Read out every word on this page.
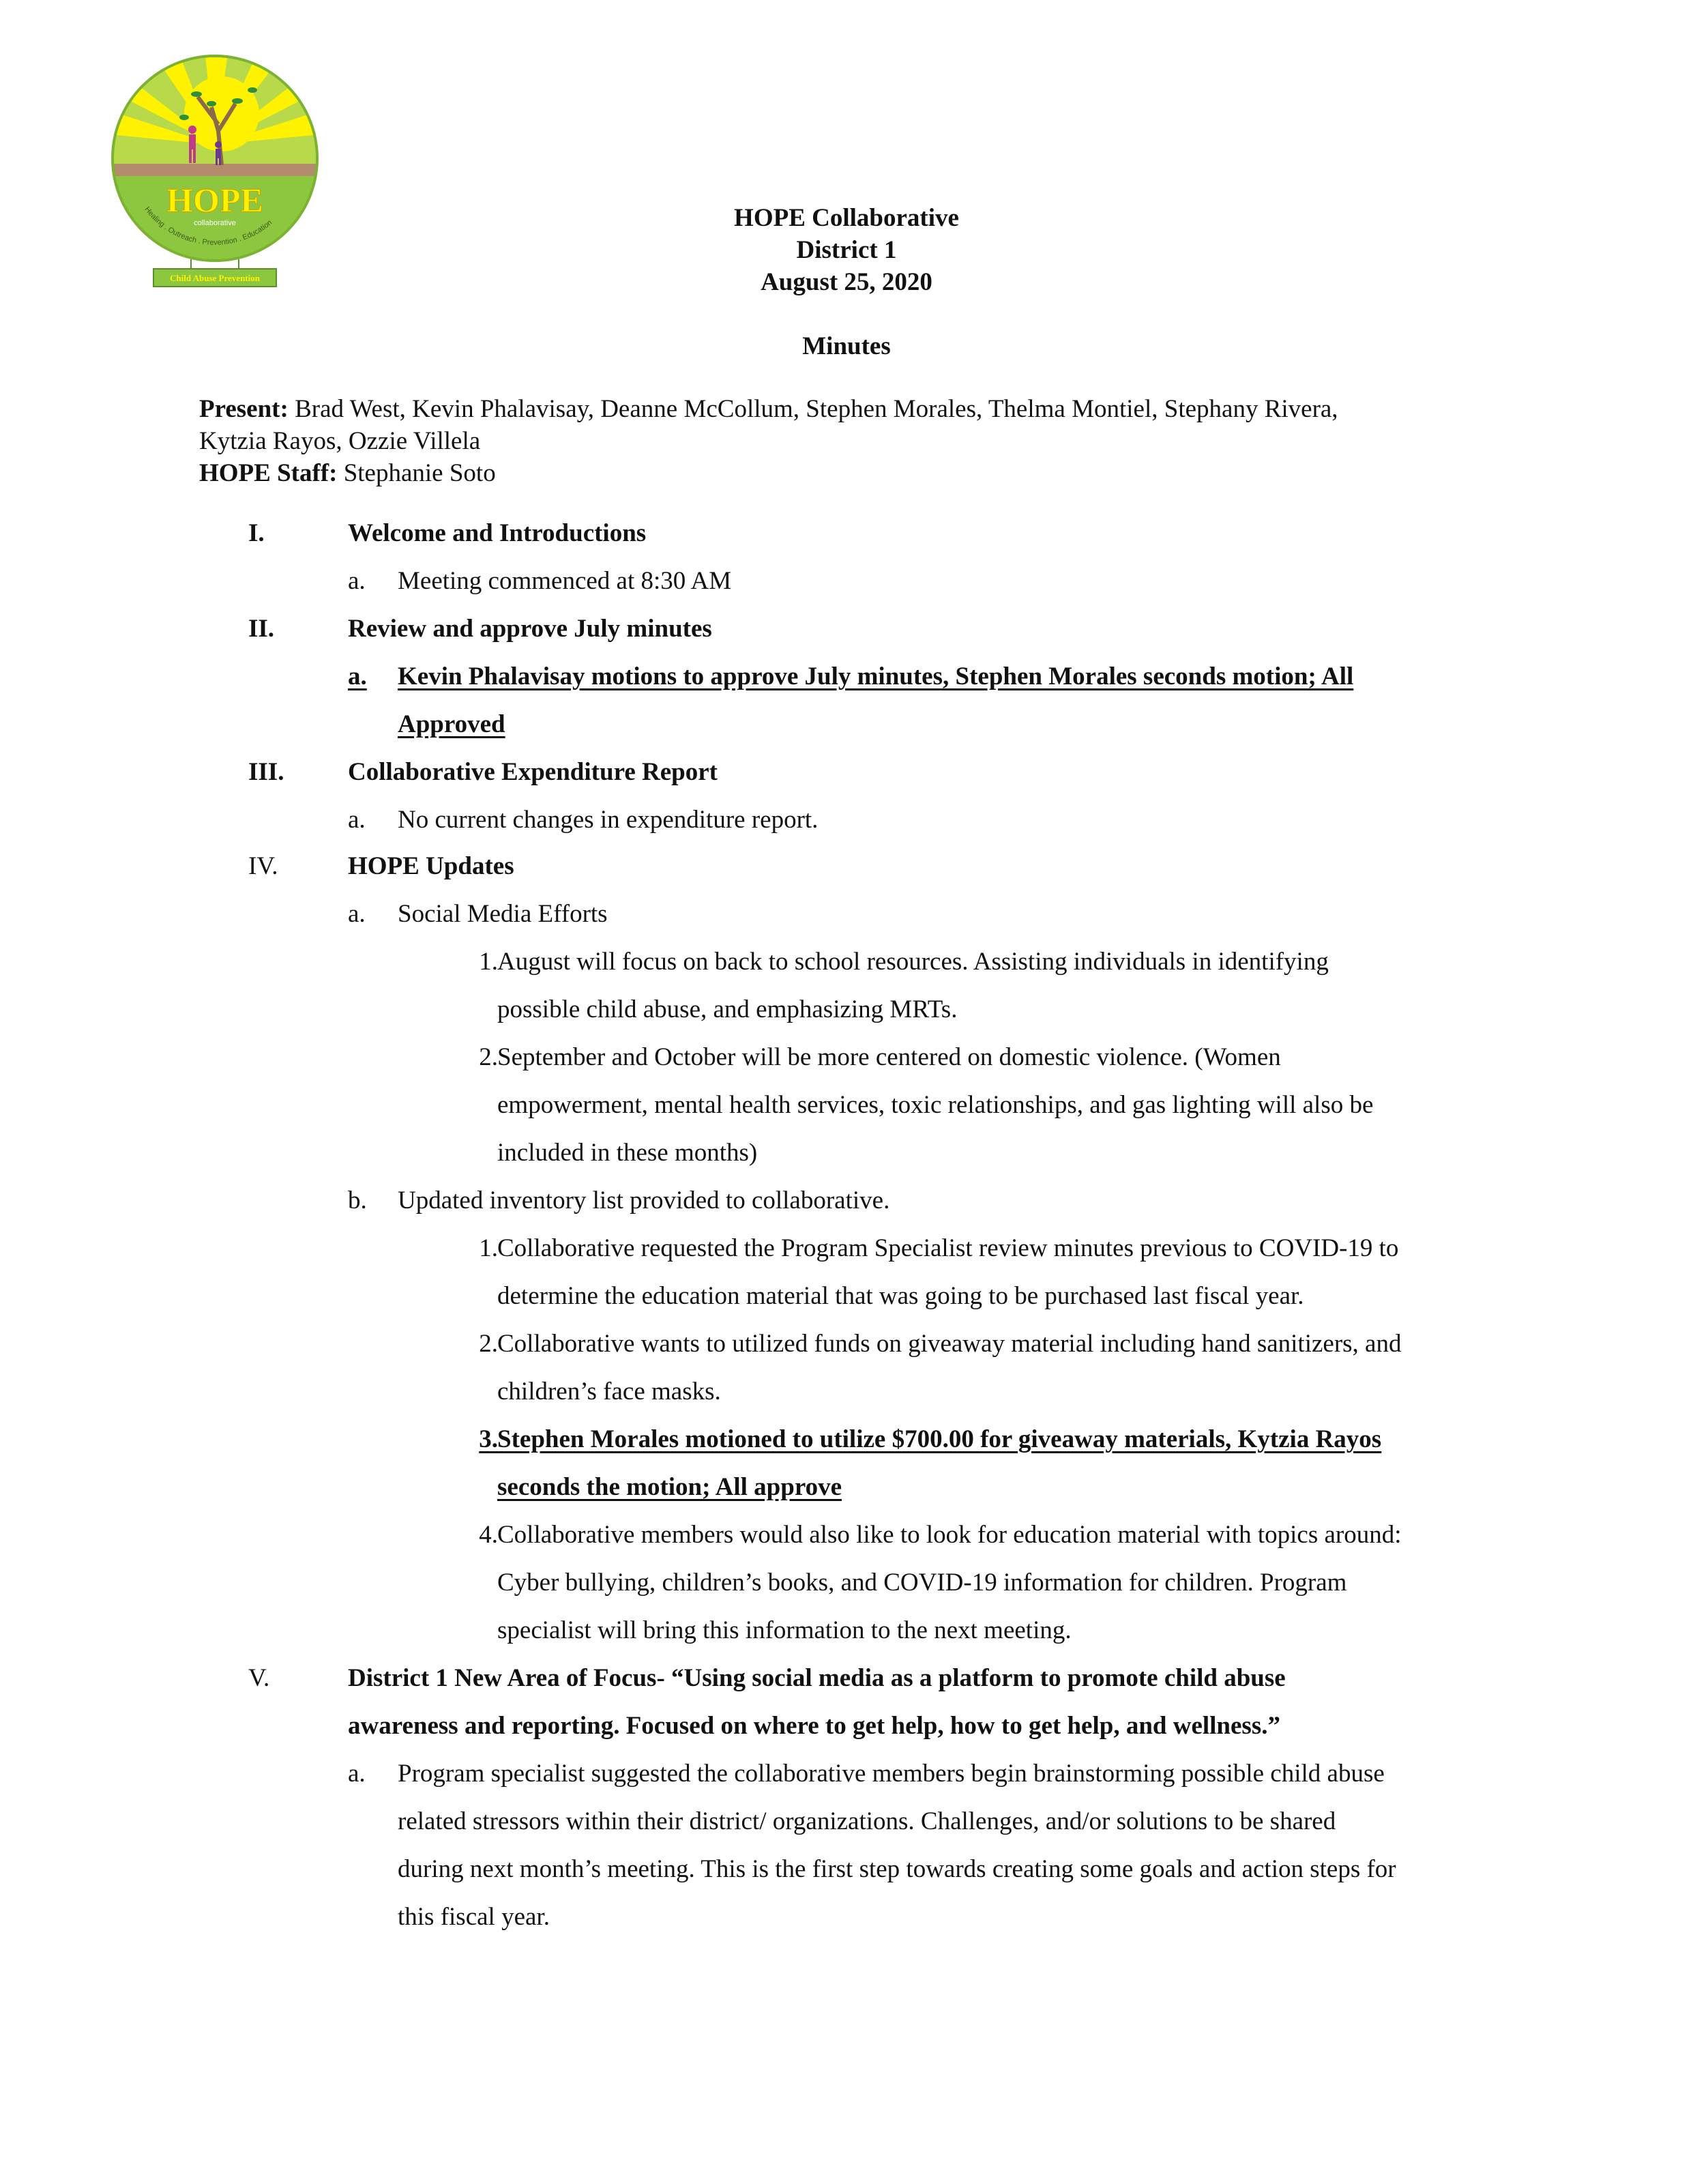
HOPE
collaborative
Healing . Outreach . Prevention . Education
Child Abuse Prevention
HOPE Collaborative
District 1
August 25, 2020
Minutes
Present: Brad West, Kevin Phalavisay, Deanne McCollum, Stephen Morales, Thelma Montiel, Stephany Rivera,
Kytzia Rayos, Ozzie Villela
HOPE Staff: Stephanie Soto
I.	Welcome and Introductions
a. Meeting commenced at 8:30 AM
II.	Review and approve July minutes
a. Kevin Phalavisay motions to approve July minutes, Stephen Morales seconds motion; All
Approved
III.	Collaborative Expenditure Report
a. No current changes in expenditure report.
IV.	HOPE Updates
a. Social Media Efforts
1. August will focus on back to school resources. Assisting individuals in identifying
possible child abuse, and emphasizing MRTs.
2. September and October will be more centered on domestic violence. (Women
empowerment, mental health services, toxic relationships, and gas lighting will also be
included in these months)
b. Updated inventory list provided to collaborative.
1. Collaborative requested the Program Specialist review minutes previous to COVID-19 to
determine the education material that was going to be purchased last fiscal year.
2. Collaborative wants to utilized funds on giveaway material including hand sanitizers, and
children’s face masks.
3. Stephen Morales motioned to utilize $700.00 for giveaway materials, Kytzia Rayos
seconds the motion; All approve
4. Collaborative members would also like to look for education material with topics around:
Cyber bullying, children’s books, and COVID-19 information for children. Program
specialist will bring this information to the next meeting.
V.	District 1 New Area of Focus- “Using social media as a platform to promote child abuse
awareness and reporting. Focused on where to get help, how to get help, and wellness.”
a. Program specialist suggested the collaborative members begin brainstorming possible child abuse
related stressors within their district/ organizations. Challenges, and/or solutions to be shared
during next month’s meeting. This is the first step towards creating some goals and action steps for
this fiscal year.
